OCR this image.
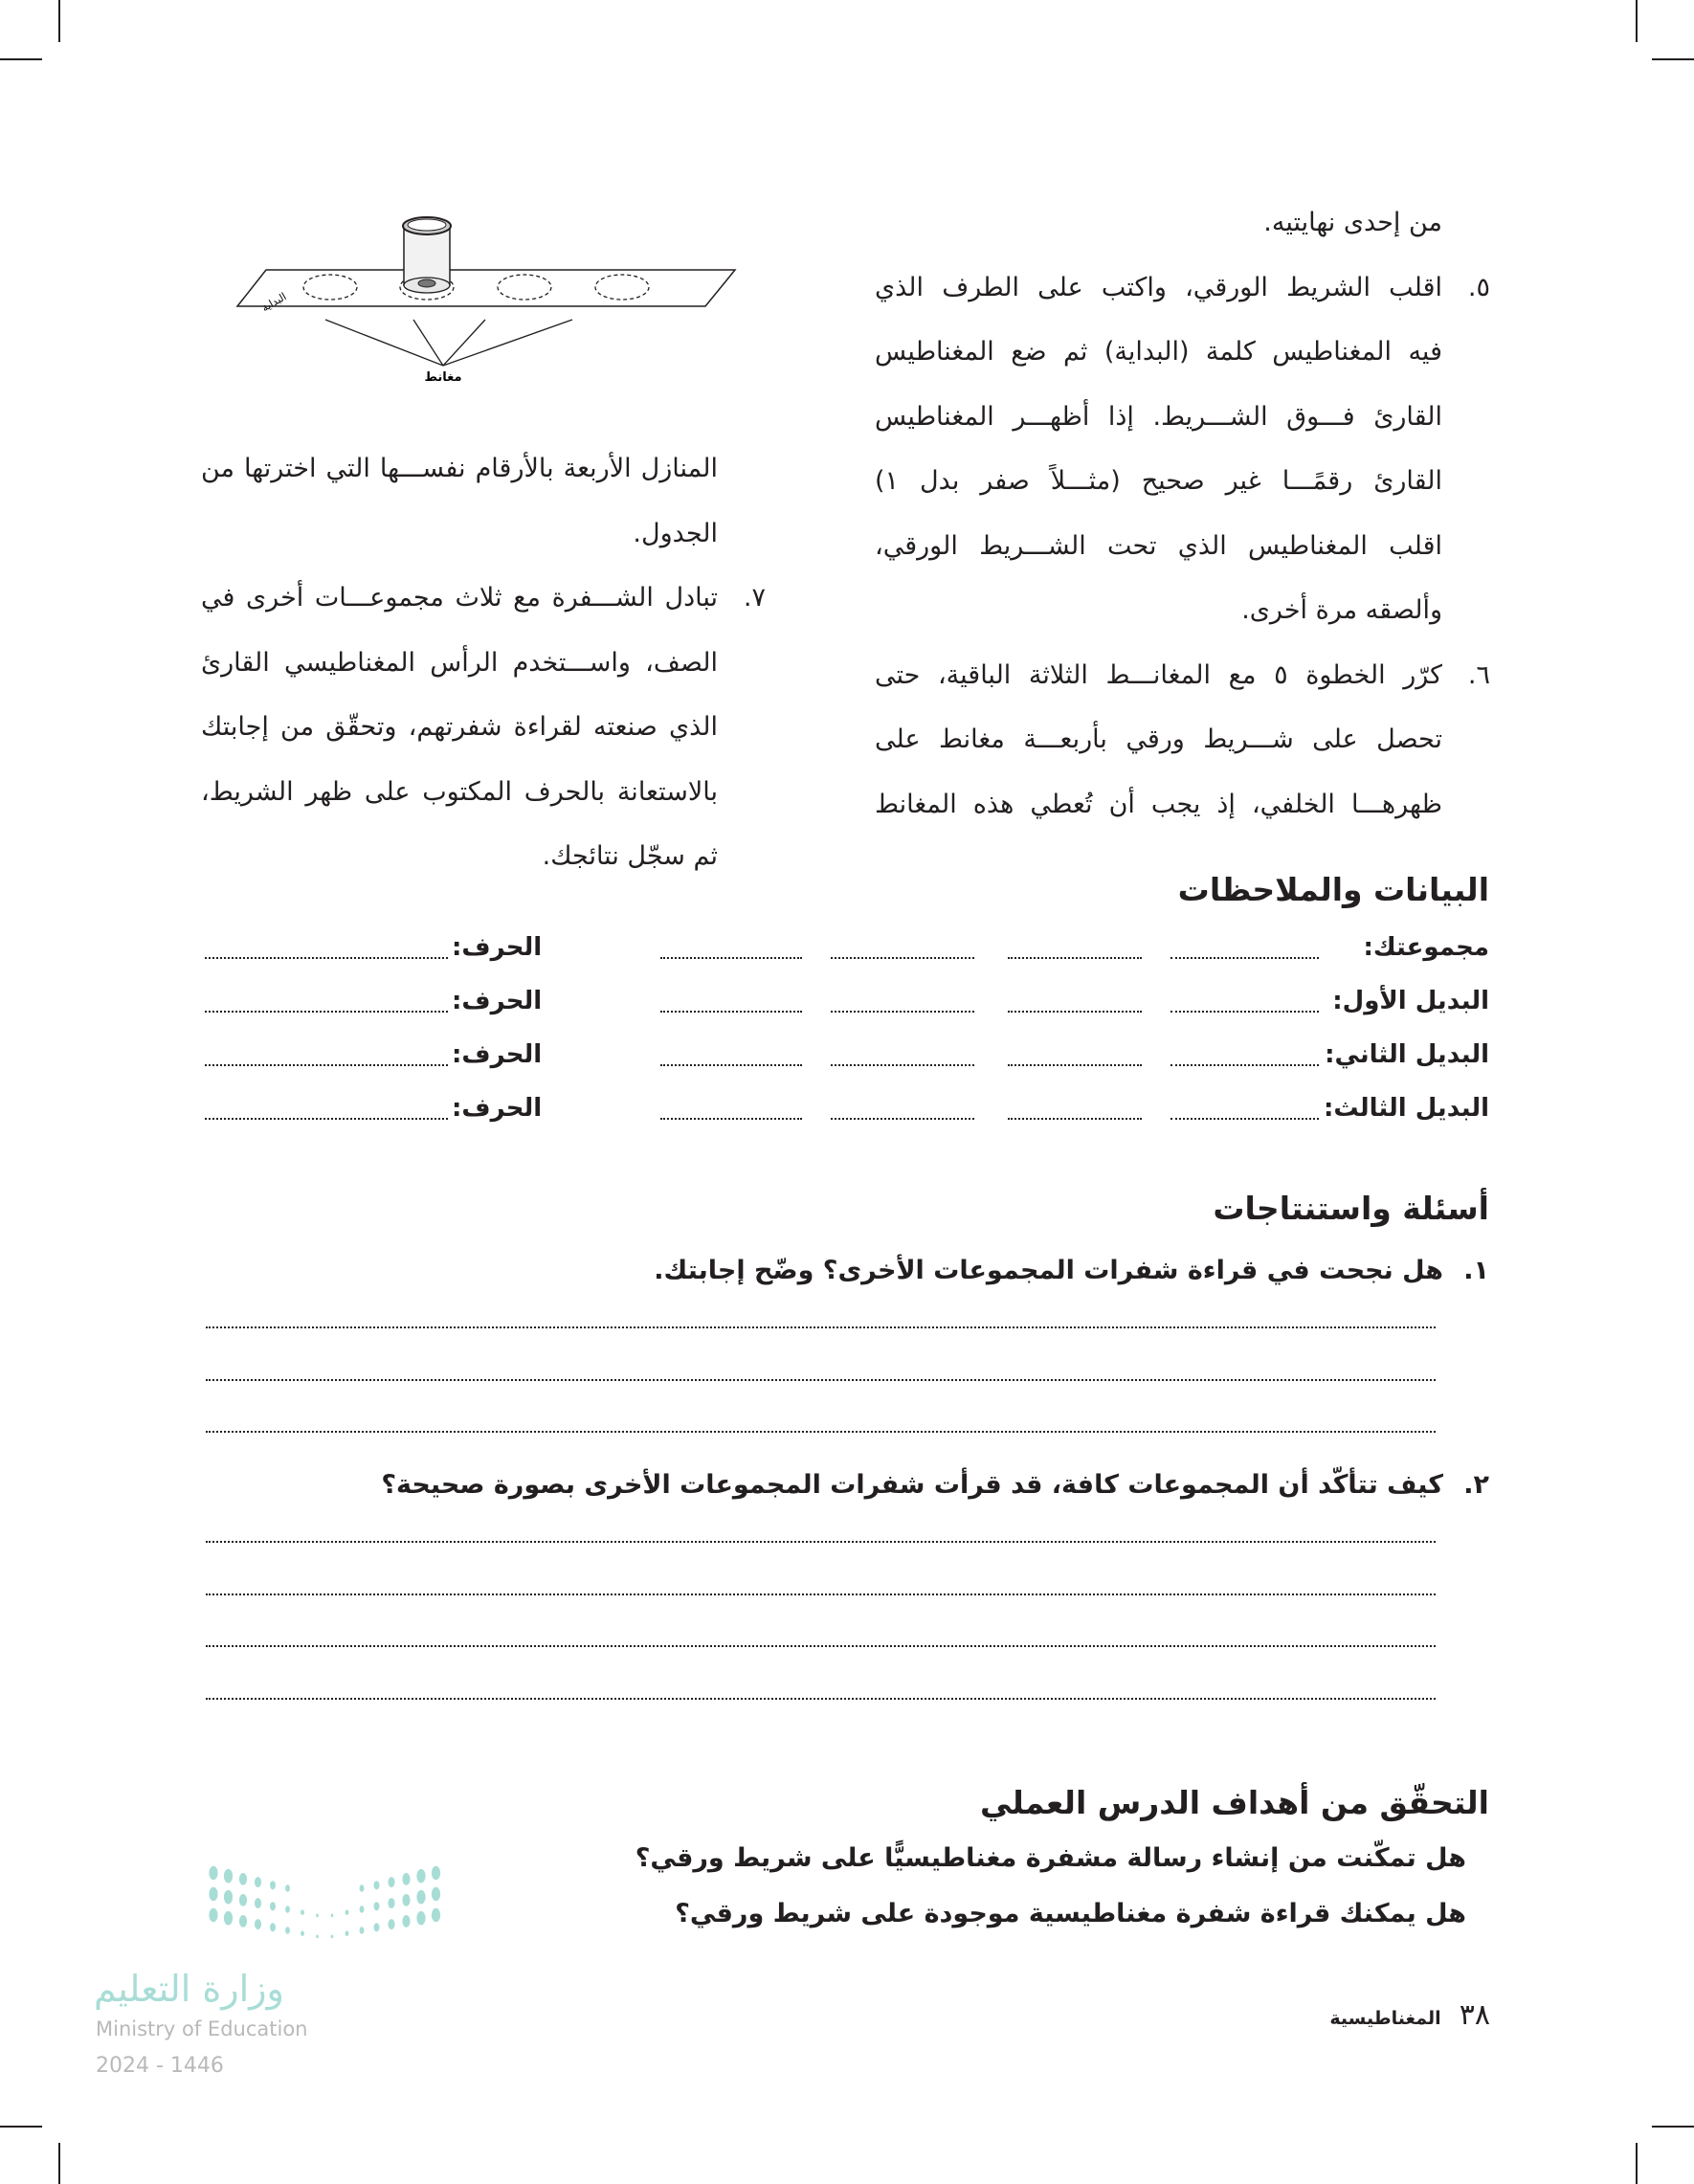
من إحدى نهايتيه.
اقلب الشريط الورقي، واكتب على الطرف الذي ٥.
فيه المغناطيس كلمة (البداية) ثم ضع المغناطيس
القارئ فـــوق الشـــريط. إذا أظهـــر المغناطيس
القارئ رقمًـــا غير صحيح (مثـــلاً صفر بدل ١)
اقلب المغناطيس الذي تحت الشـــريط الورقي،
وألصقه مرة أخرى.
كرّر الخطوة ٥ مع المغانـــط الثلاثة الباقية، حتى ٦.
تحصل على شـــريط ورقي بأربعـــة مغانط على
ظهرهـــا الخلفي، إذ يجب أن تُعطي هذه المغانط
البداية
مغانط
المنازل الأربعة بالأرقام نفســـها التي اخترتها من
الجدول.
تبادل الشـــفرة مع ثلاث مجموعـــات أخرى في ٧.
الصف، واســـتخدم الرأس المغناطيسي القارئ
الذي صنعته لقراءة شفرتهم، وتحقّق من إجابتك
بالاستعانة بالحرف المكتوب على ظهر الشريط،
ثم سجّل نتائجك.
البيانات والملاحظات
مجموعتك:
الحرف:
البديل الأول:
الحرف:
البديل الثاني:
الحرف:
البديل الثالث:
الحرف:
أسئلة واستنتاجات
١.
هل نجحت في قراءة شفرات المجموعات الأخرى؟ وضّح إجابتك.
٢.
كيف تتأكّد أن المجموعات كافة، قد قرأت شفرات المجموعات الأخرى بصورة صحيحة؟
التحقّق من أهداف الدرس العملي
هل تمكّنت من إنشاء رسالة مشفرة مغناطيسيًّا على شريط ورقي؟
هل يمكنك قراءة شفرة مغناطيسية موجودة على شريط ورقي؟
٣٨ المغناطيسية
وزارة التعليم
Ministry of Education
2024 - 1446
